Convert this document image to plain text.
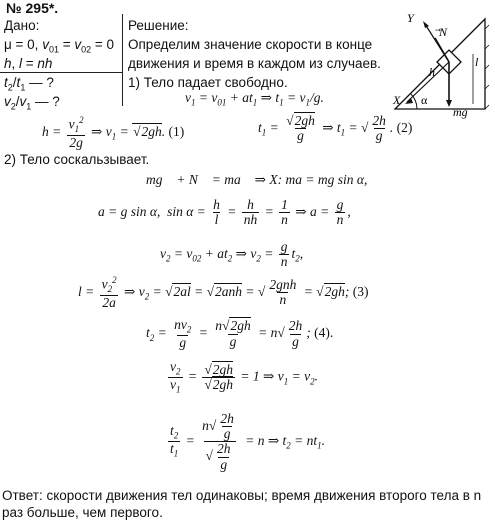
№ 295*.
Дано:
μ = 0, $v_{01} = v_{02} = 0$
h, l = nh
$t_2/t_1$ — ?
$v_2/v_1$ — ?
Решение:
Определим значение скорости в конце
движения и время в каждом из случаев.
1) Тело падает свободно.
$v_1 = v_{01} + at_1$ ⇒ $t_1 = v_1/g$.
$h = \frac{v_1^2}{2g}$ ⇒ $v_1 = √2gh$. (1)	$t_1 = \frac{√2gh}{g}$ ⇒ $t_1$ = √ $\frac{2h}{g}$ . (2)
2) Тело соскальзывает.
mg⃗ + N⃗ = ma⃗ ⇒ X: ma = mg sin α,
a = g sin α,  $\sin \alpha = \frac{h}{l} = \frac{h}{nh} = \frac{1}{n}$ ⇒ $a = \frac{g}{n}$ ,
$v_2 = v_{02} + at_2$ ⇒ $v_2 = \frac{g}{n} t_2$,
$l = \frac{v_2^2}{2a}$ ⇒ $v_2 = √2al = √2anh$ = √ $\frac{\text{2gnh}}{n} = √2gh$; (3)
$t_2 = \frac{nv_2}{g} = \frac{n√2gh}{g} = n√ \frac{2h}{g}$ ; (4).
$\frac{v_2}{v_1} = \frac{√2gh}{√2gh} = 1$ ⇒ $v_1 = v_2$.
$\frac{t_2}{t_1} = \frac{n√ \frac{2h}{g}}{√ \frac{2h}{g}} = n$ ⇒ $t_2 = nt_1$.
Y
N
h
l
X α
mg
Ответ: скорости движения тел одинаковы; время движения второго тела в n раз больше, чем первого.
